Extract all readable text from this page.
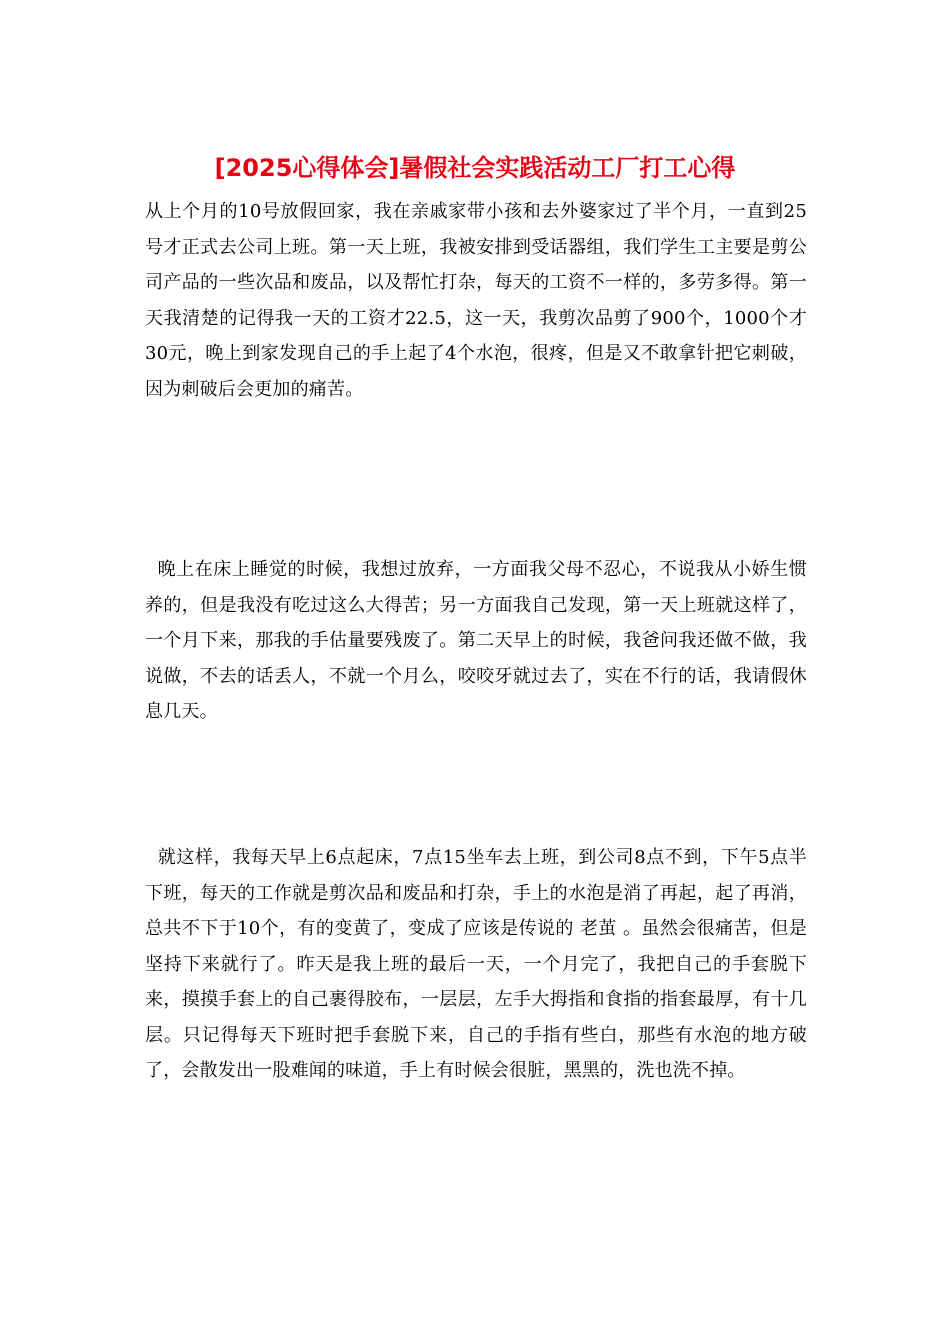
[2025心得体会]暑假社会实践活动工厂打工心得

从上个月的10号放假回家，我在亲戚家带小孩和去外婆家过了半个月，一直到25号才正式去公司上班。第一天上班，我被安排到受话器组，我们学生工主要是剪公司产品的一些次品和废品，以及帮忙打杂，每天的工资不一样的，多劳多得。第一天我清楚的记得我一天的工资才22.5，这一天，我剪次品剪了900个，1000个才30元，晚上到家发现自己的手上起了4个水泡，很疼，但是又不敢拿针把它刺破，因为刺破后会更加的痛苦。

晚上在床上睡觉的时候，我想过放弃，一方面我父母不忍心，不说我从小娇生惯养的，但是我没有吃过这么大得苦；另一方面我自己发现，第一天上班就这样了，一个月下来，那我的手估量要残废了。第二天早上的时候，我爸问我还做不做，我说做，不去的话丢人，不就一个月么，咬咬牙就过去了，实在不行的话，我请假休息几天。

就这样，我每天早上6点起床，7点15坐车去上班，到公司8点不到，下午5点半下班，每天的工作就是剪次品和废品和打杂，手上的水泡是消了再起，起了再消，总共不下于10个，有的变黄了，变成了应该是传说的 老茧 。虽然会很痛苦，但是坚持下来就行了。昨天是我上班的最后一天，一个月完了，我把自己的手套脱下来，摸摸手套上的自己裹得胶布，一层层，左手大拇指和食指的指套最厚，有十几层。只记得每天下班时把手套脱下来，自己的手指有些白，那些有水泡的地方破了，会散发出一股难闻的味道，手上有时候会很脏，黑黑的，洗也洗不掉。
